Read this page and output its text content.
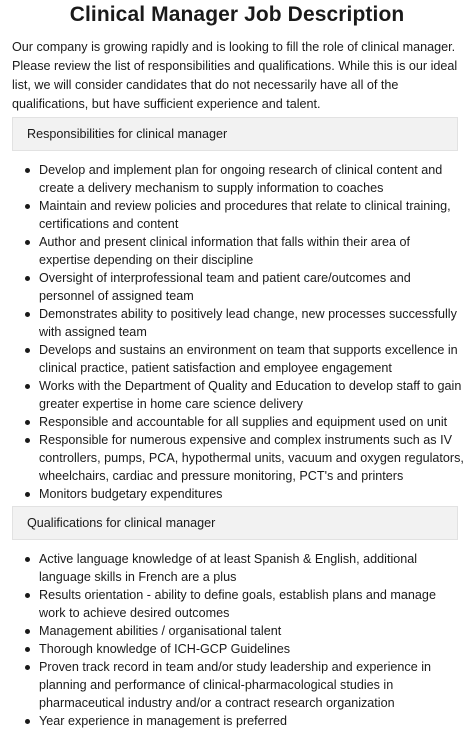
Clinical Manager Job Description
Our company is growing rapidly and is looking to fill the role of clinical manager. Please review the list of responsibilities and qualifications. While this is our ideal list, we will consider candidates that do not necessarily have all of the qualifications, but have sufficient experience and talent.
Responsibilities for clinical manager
Develop and implement plan for ongoing research of clinical content and create a delivery mechanism to supply information to coaches
Maintain and review policies and procedures that relate to clinical training, certifications and content
Author and present clinical information that falls within their area of expertise depending on their discipline
Oversight of interprofessional team and patient care/outcomes and personnel of assigned team
Demonstrates ability to positively lead change, new processes successfully with assigned team
Develops and sustains an environment on team that supports excellence in clinical practice, patient satisfaction and employee engagement
Works with the Department of Quality and Education to develop staff to gain greater expertise in home care science delivery
Responsible and accountable for all supplies and equipment used on unit
Responsible for numerous expensive and complex instruments such as IV controllers, pumps, PCA, hypothermal units, vacuum and oxygen regulators, wheelchairs, cardiac and pressure monitoring, PCT's and printers
Monitors budgetary expenditures
Qualifications for clinical manager
Active language knowledge of at least Spanish & English, additional language skills in French are a plus
Results orientation - ability to define goals, establish plans and manage work to achieve desired outcomes
Management abilities / organisational talent
Thorough knowledge of ICH-GCP Guidelines
Proven track record in team and/or study leadership and experience in planning and performance of clinical-pharmacological studies in pharmaceutical industry and/or a contract research organization
Year experience in management is preferred
